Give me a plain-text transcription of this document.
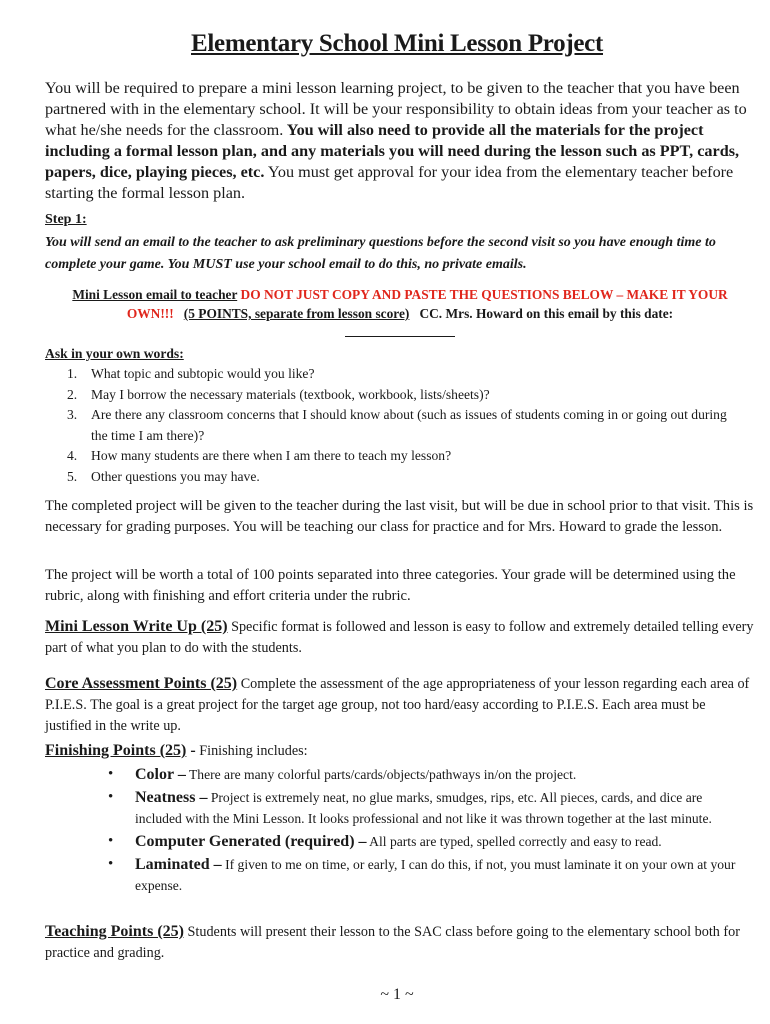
Elementary School Mini Lesson Project

You will be required to prepare a mini lesson learning project, to be given to the teacher that you have been partnered with in the elementary school. It will be your responsibility to obtain ideas from your teacher as to what he/she needs for the classroom. You will also need to provide all the materials for the project including a formal lesson plan, and any materials you will need during the lesson such as PPT, cards, papers, dice, playing pieces, etc. You must get approval for your idea from the elementary teacher before starting the formal lesson plan.

Step 1:

You will send an email to the teacher to ask preliminary questions before the second visit so you have enough time to complete your game. You MUST use your school email to do this, no private emails.

Mini Lesson email to teacher DO NOT JUST COPY AND PASTE THE QUESTIONS BELOW – MAKE IT YOUR OWN!!! (5 POINTS, separate from lesson score) CC. Mrs. Howard on this email by this date:

Ask in your own words:

1. What topic and subtopic would you like?
2. May I borrow the necessary materials (textbook, workbook, lists/sheets)?
3. Are there any classroom concerns that I should know about (such as issues of students coming in or going out during the time I am there)?
4. How many students are there when I am there to teach my lesson?
5. Other questions you may have.

The completed project will be given to the teacher during the last visit, but will be due in school prior to that visit. This is necessary for grading purposes. You will be teaching our class for practice and for Mrs. Howard to grade the lesson.

The project will be worth a total of 100 points separated into three categories. Your grade will be determined using the rubric, along with finishing and effort criteria under the rubric.

Mini Lesson Write Up (25) Specific format is followed and lesson is easy to follow and extremely detailed telling every part of what you plan to do with the students.

Core Assessment Points (25) Complete the assessment of the age appropriateness of your lesson regarding each area of P.I.E.S. The goal is a great project for the target age group, not too hard/easy according to P.I.E.S. Each area must be justified in the write up.

Finishing Points (25) - Finishing includes:

• Color – There are many colorful parts/cards/objects/pathways in/on the project.
• Neatness – Project is extremely neat, no glue marks, smudges, rips, etc. All pieces, cards, and dice are included with the Mini Lesson. It looks professional and not like it was thrown together at the last minute.
• Computer Generated (required) – All parts are typed, spelled correctly and easy to read.
• Laminated – If given to me on time, or early, I can do this, if not, you must laminate it on your own at your expense.

Teaching Points (25) Students will present their lesson to the SAC class before going to the elementary school both for practice and grading.

~ 1 ~
